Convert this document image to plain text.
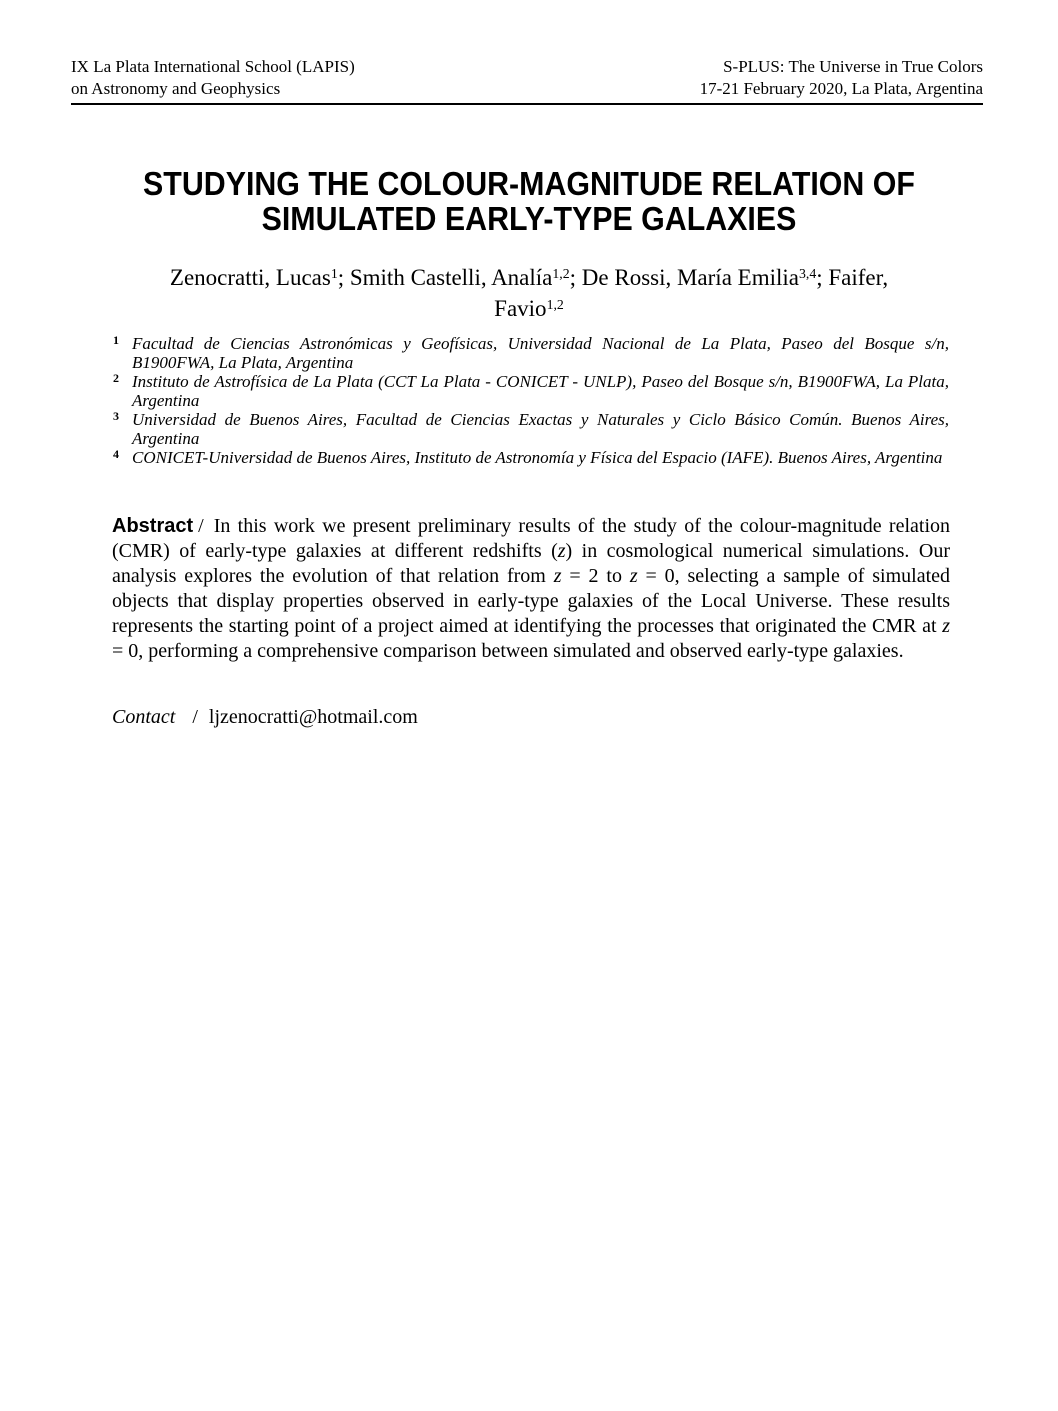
IX La Plata International School (LAPIS)
on Astronomy and Geophysics
S-PLUS: The Universe in True Colors
17-21 February 2020, La Plata, Argentina
STUDYING THE COLOUR-MAGNITUDE RELATION OF
SIMULATED EARLY-TYPE GALAXIES
Zenocratti, Lucas$^1$; Smith Castelli, Analía$^{1,2}$; De Rossi, María Emilia$^{3,4}$; Faifer,
Favio$^{1,2}$
1 Facultad de Ciencias Astronómicas y Geofísicas, Universidad Nacional de La Plata, Paseo del Bosque s/n, B1900FWA, La Plata, Argentina
2 Instituto de Astrofísica de La Plata (CCT La Plata - CONICET - UNLP), Paseo del Bosque s/n, B1900FWA, La Plata, Argentina
3 Universidad de Buenos Aires, Facultad de Ciencias Exactas y Naturales y Ciclo Básico Común. Buenos Aires, Argentina
4 CONICET-Universidad de Buenos Aires, Instituto de Astronomía y Física del Espacio (IAFE). Buenos Aires, Argentina

Abstract / In this work we present preliminary results of the study of the colour-magnitude relation (CMR) of early-type galaxies at different redshifts (z) in cosmological numerical simulations. Our analysis explores the evolution of that relation from z = 2 to z = 0, selecting a sample of simulated objects that display properties observed in early-type galaxies of the Local Universe. These results represents the starting point of a project aimed at identifying the processes that originated the CMR at z = 0, performing a comprehensive comparison between simulated and observed early-type galaxies.

Contact / ljzenocratti@hotmail.com
